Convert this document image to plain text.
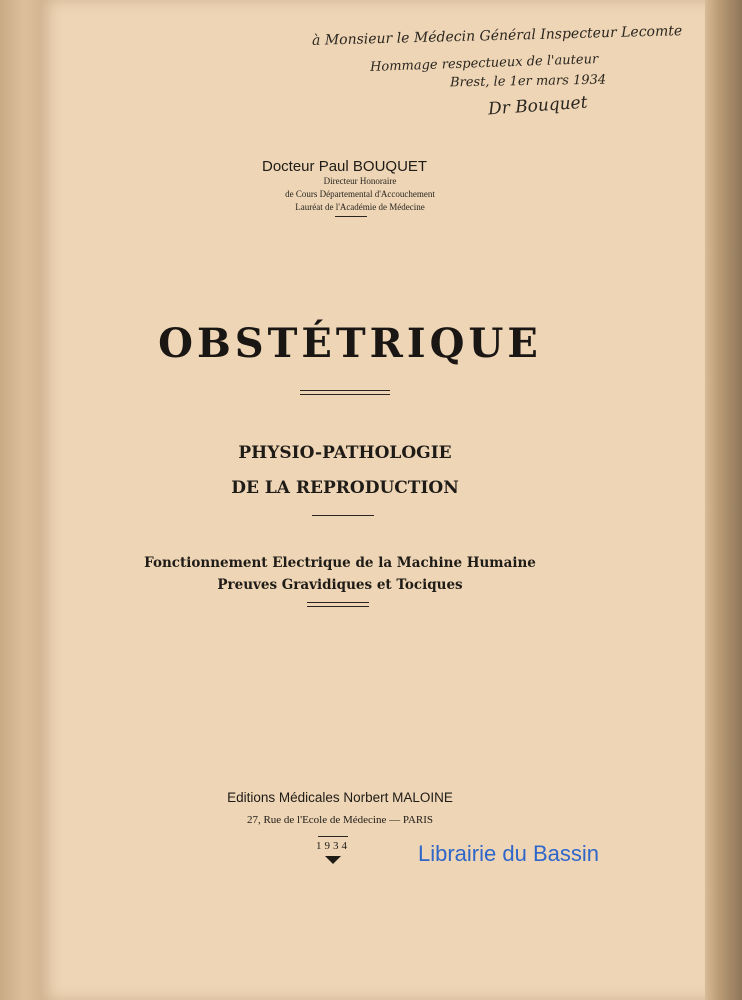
à Monsieur le Médecin Général Inspecteur Lecomte
Hommage respectueux de l'auteur
Brest, le 1er mars 1934
Dr Bouquet
Docteur Paul BOUQUET
Directeur Honoraire
de Cours Départemental d'Accouchement
Lauréat de l'Académie de Médecine
OBSTÉTRIQUE
PHYSIO-PATHOLOGIE
DE LA REPRODUCTION
Fonctionnement Electrique de la Machine Humaine
Preuves Gravidiques et Tociques
Editions Médicales Norbert MALOINE
27, Rue de l'Ecole de Médecine — PARIS
1934	Librairie du Bassin
